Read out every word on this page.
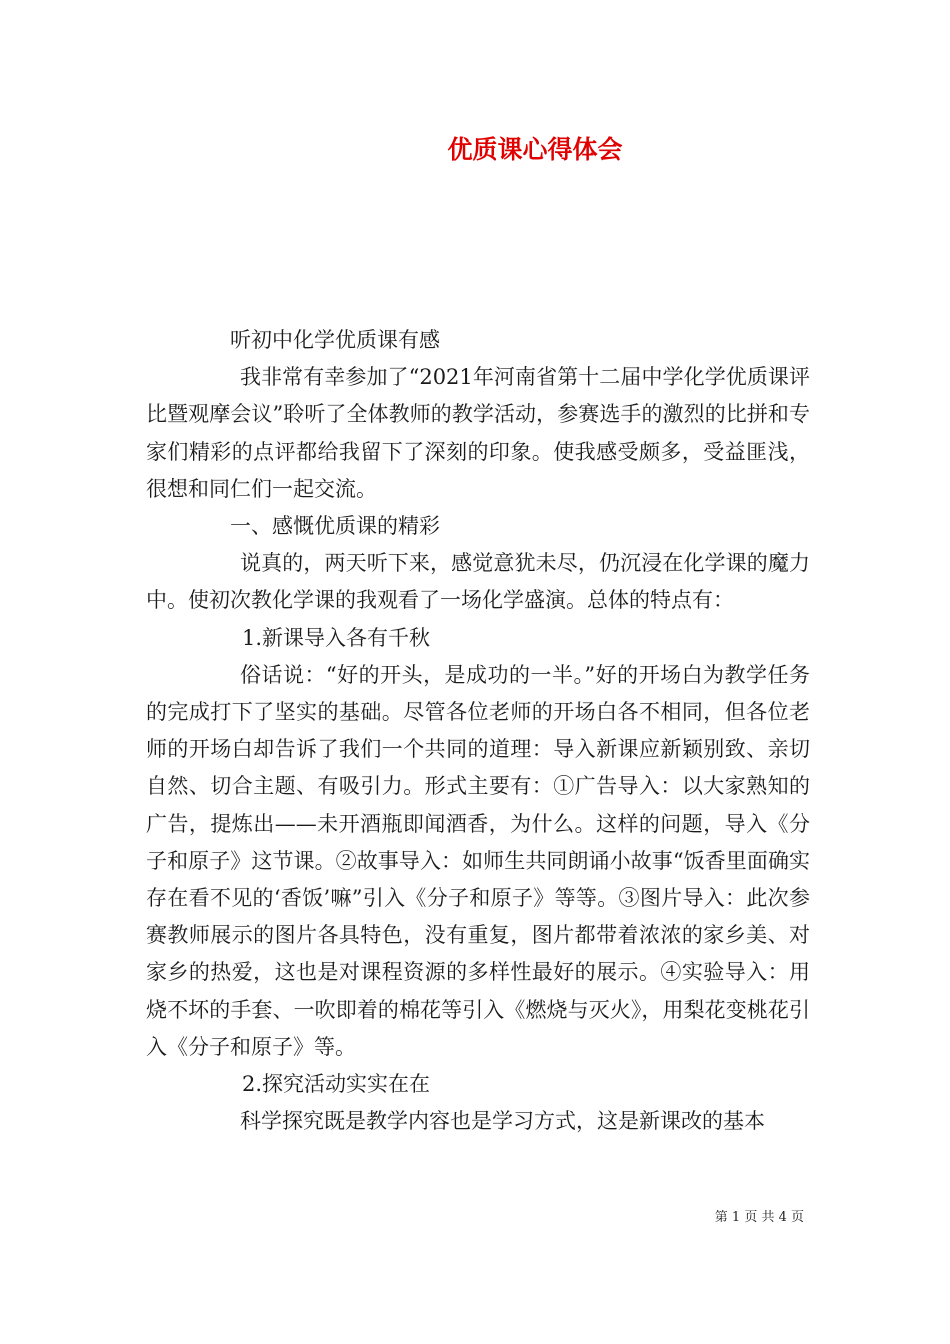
优质课心得体会

听初中化学优质课有感

我非常有幸参加了“2021年河南省第十二届中学化学优质课评比暨观摩会议”聆听了全体教师的教学活动，参赛选手的激烈的比拼和专家们精彩的点评都给我留下了深刻的印象。使我感受颇多，受益匪浅，很想和同仁们一起交流。

一、感慨优质课的精彩

说真的，两天听下来，感觉意犹未尽，仍沉浸在化学课的魔力中。使初次教化学课的我观看了一场化学盛演。总体的特点有：

1.新课导入各有千秋

俗话说：“好的开头，是成功的一半。”好的开场白为教学任务的完成打下了坚实的基础。尽管各位老师的开场白各不相同，但各位老师的开场白却告诉了我们一个共同的道理：导入新课应新颖别致、亲切自然、切合主题、有吸引力。形式主要有：①广告导入：以大家熟知的广告，提炼出——未开酒瓶即闻酒香，为什么。这样的问题，导入《分子和原子》这节课。②故事导入：如师生共同朗诵小故事“饭香里面确实存在看不见的‘香饭’嘛”引入《分子和原子》等等。③图片导入：此次参赛教师展示的图片各具特色，没有重复，图片都带着浓浓的家乡美、对家乡的热爱，这也是对课程资源的多样性最好的展示。④实验导入：用烧不坏的手套、一吹即着的棉花等引入《燃烧与灭火》，用梨花变桃花引入《分子和原子》等。

2.探究活动实实在在

科学探究既是教学内容也是学习方式，这是新课改的基本

第 1 页 共 4 页
